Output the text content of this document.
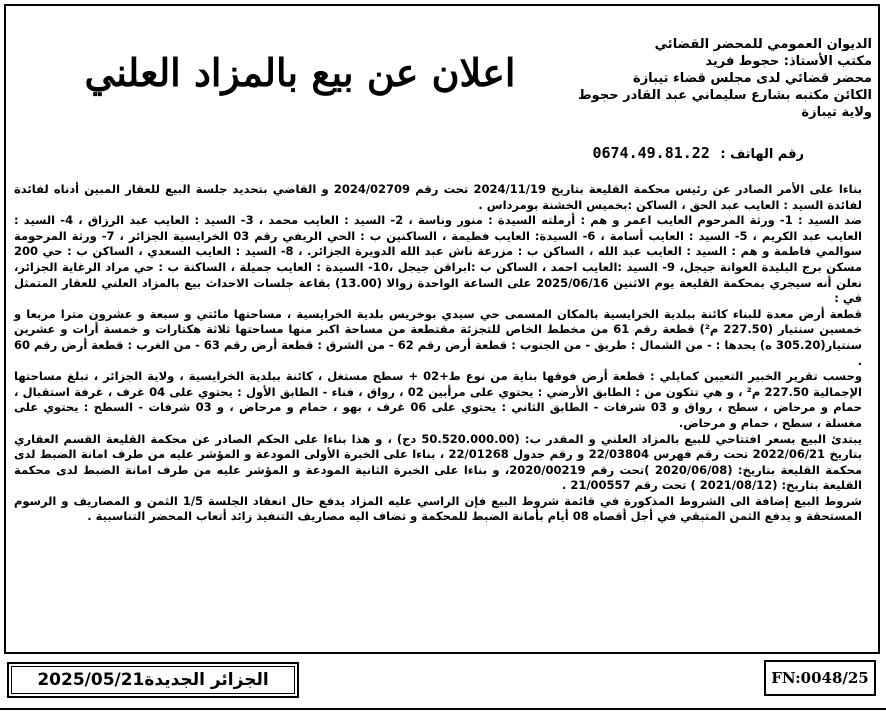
الديوان العمومي للمحضر القضائي
مكتب الأستاذ: حجوط فريد
محضر قضائي لدى مجلس قضاء تيبازة
الكائن مكتبه بشارع سليماني عبد القادر حجوط
ولاية تيبازة
اعلان عن بيع بالمزاد العلني
رقم الهاتف : 0674.49.81.22

بناءا على الأمر الصادر عن رئيس محكمة القليعة بتاريخ 2024/11/19 تحت رقم 2024/02709 و القاضي بتحديد جلسة البيع للعقار المبين أدناه لفائدة لفائدة السيد : العايب عبد الحق ، الساكن :بخميس الخشنة بومرداس .

ضد السيد : 1- ورثة المرحوم العايب اعمر و هم : أرملته السيدة : منور وناسة ، 2- السيد : العايب محمد ، 3- السيد : العايب عبد الرزاق ، 4- السيد : العايب عبد الكريم ، 5- السيد : العايب أسامة ، 6- السيدة: العايب فطيمة ، الساكنين ب : الحي الريفي رقم 03 الخرايسية الجزائر ، 7- ورثة المرحومة سوالمي فاطمة و هم : السيد : العايب عبد الله ، الساكن ب : مزرعة ناش عبد الله الدويرة الجزائر. ، 8- السيد : العايب السعدي ، الساكن ب : حي 200 مسكن برج البليدة العوانة جيجل، 9- السيد :العايب احمد ، الساكن ب :ابراقن جيجل ،10- السيدة : العايب جميلة ، الساكنة ب : حي مراد الرغاية الجزائر، نعلن أنه سيجري بمحكمة القليعة يوم الاثنين 2025/06/16 على الساعة الواحدة زوالا (13.00) بقاعة جلسات الاحداث بيع بالمزاد العلني للعقار المتمثل في :

قطعة أرض معدة للبناء كائنة ببلدية الخرايسية بالمكان المسمى حي سيدي بوخريس بلدية الخرايسية ، مساحتها مائتي و سبعة و عشرون مترا مربعا و خمسين سنتيار (227.50 م²) قطعة رقم 61 من مخطط الخاص للتجزئة مقتطعة من مساحة اكبر منها مساحتها ثلاثة هكتارات و خمسة أرات و عشرين سنتيار(305.20 ه) يحدها : - من الشمال : طريق - من الجنوب : قطعة أرض رقم 62 - من الشرق : قطعة أرض رقم 63 - من الغرب : قطعة أرض رقم 60 .

وحسب تقرير الخبير التعيين كمايلي : قطعة أرض فوقها بناية من نوع ط+02 + سطح مستغل ، كائنة ببلدية الخرايسية ، ولاية الجزائر ، تبلغ مساحتها الإجمالية 227.50 م² ، و هي تتكون من : الطابق الأرضي : يحتوي على مرأبين 02 ، رواق ، فناء - الطابق الأول : يحتوي على 04 غرف ، غرفة استقبال ، حمام و مرحاض ، سطح ، رواق و 03 شرفات - الطابق الثاني : يحتوي على 06 غرف ، بهو ، حمام و مرحاض ، و 03 شرفات - السطح : يحتوي على مغسلة ، سطح ، حمام و مرحاض.

يبتدئ البيع بسعر افتتاحي للبيع بالمزاد العلني و المقدر ب: (50.520.000.00 دج) ، و هذا بناءا على الحكم الصادر عن محكمة القليعة القسم العقاري بتاريخ 2022/06/21 تحت رقم فهرس 22/03804 و رقم جدول 22/01268 ، بناءا على الخبرة الأولى المودعة و المؤشر عليه من طرف امانة الضبط لدى محكمة القليعة بتاريخ: (2020/06/08 )تحت رقم 2020/00219، و بناءا على الخبرة الثانية المودعة و المؤشر عليه من طرف امانة الضبط لدى محكمة القليعة بتاريخ: (2021/08/12 ) تحت رقم 21/00557 .

شروط البيع إضافة الى الشروط المذكورة في قائمة شروط البيع فإن الراسي عليه المزاد يدفع حال انعقاد الجلسة 1/5 الثمن و المصاريف و الرسوم المستحقة و يدفع الثمن المتبقي في أجل أقصاه 08 أيام بأمانة الضبط للمحكمة و تضاف اليه مصاريف التنفيذ زائد أتعاب المحضر التناسبية .

الجزائر الجديدة
2025/05/21	FN:0048/25
